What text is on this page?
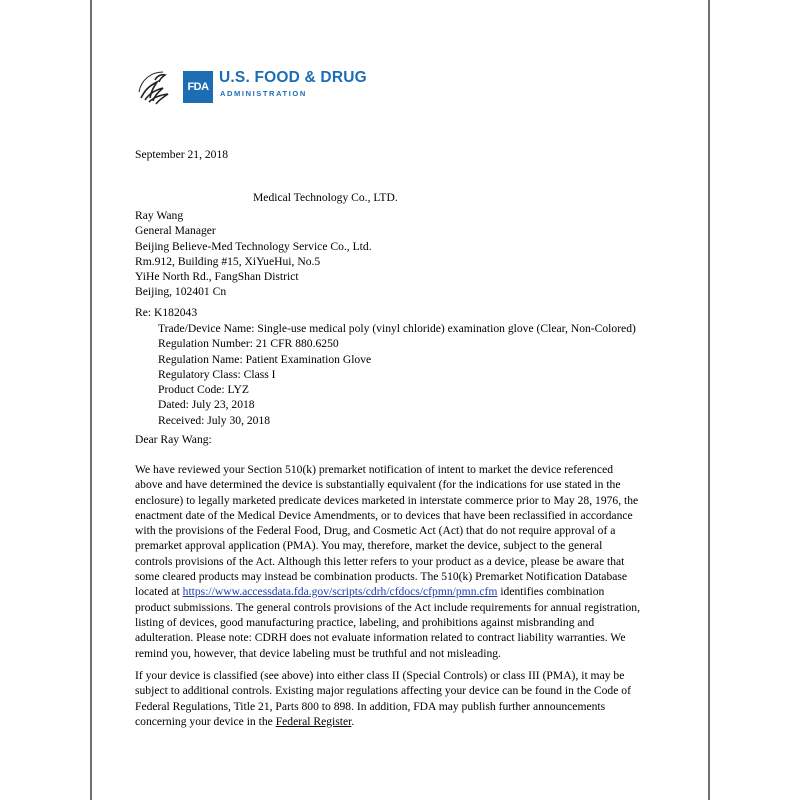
FDA
U.S. FOOD & DRUG
ADMINISTRATION
September 21, 2018
Medical Technology Co., LTD.
Ray Wang
General Manager
Beijing Believe-Med Technology Service Co., Ltd.
Rm.912, Building #15, XiYueHui, No.5
YiHe North Rd., FangShan District
Beijing, 102401 Cn
Re: K182043
Trade/Device Name: Single-use medical poly (vinyl chloride) examination glove (Clear, Non-Colored)
Regulation Number: 21 CFR 880.6250
Regulation Name: Patient Examination Glove
Regulatory Class: Class I
Product Code: LYZ
Dated: July 23, 2018
Received: July 30, 2018
Dear Ray Wang:
We have reviewed your Section 510(k) premarket notification of intent to market the device referenced
above and have determined the device is substantially equivalent (for the indications for use stated in the
enclosure) to legally marketed predicate devices marketed in interstate commerce prior to May 28, 1976, the
enactment date of the Medical Device Amendments, or to devices that have been reclassified in accordance
with the provisions of the Federal Food, Drug, and Cosmetic Act (Act) that do not require approval of a
premarket approval application (PMA). You may, therefore, market the device, subject to the general
controls provisions of the Act. Although this letter refers to your product as a device, please be aware that
some cleared products may instead be combination products. The 510(k) Premarket Notification Database
located at https://www.accessdata.fda.gov/scripts/cdrh/cfdocs/cfpmn/pmn.cfm identifies combination
product submissions. The general controls provisions of the Act include requirements for annual registration,
listing of devices, good manufacturing practice, labeling, and prohibitions against misbranding and
adulteration. Please note: CDRH does not evaluate information related to contract liability warranties. We
remind you, however, that device labeling must be truthful and not misleading.
If your device is classified (see above) into either class II (Special Controls) or class III (PMA), it may be
subject to additional controls. Existing major regulations affecting your device can be found in the Code of
Federal Regulations, Title 21, Parts 800 to 898. In addition, FDA may publish further announcements
concerning your device in the Federal Register.
